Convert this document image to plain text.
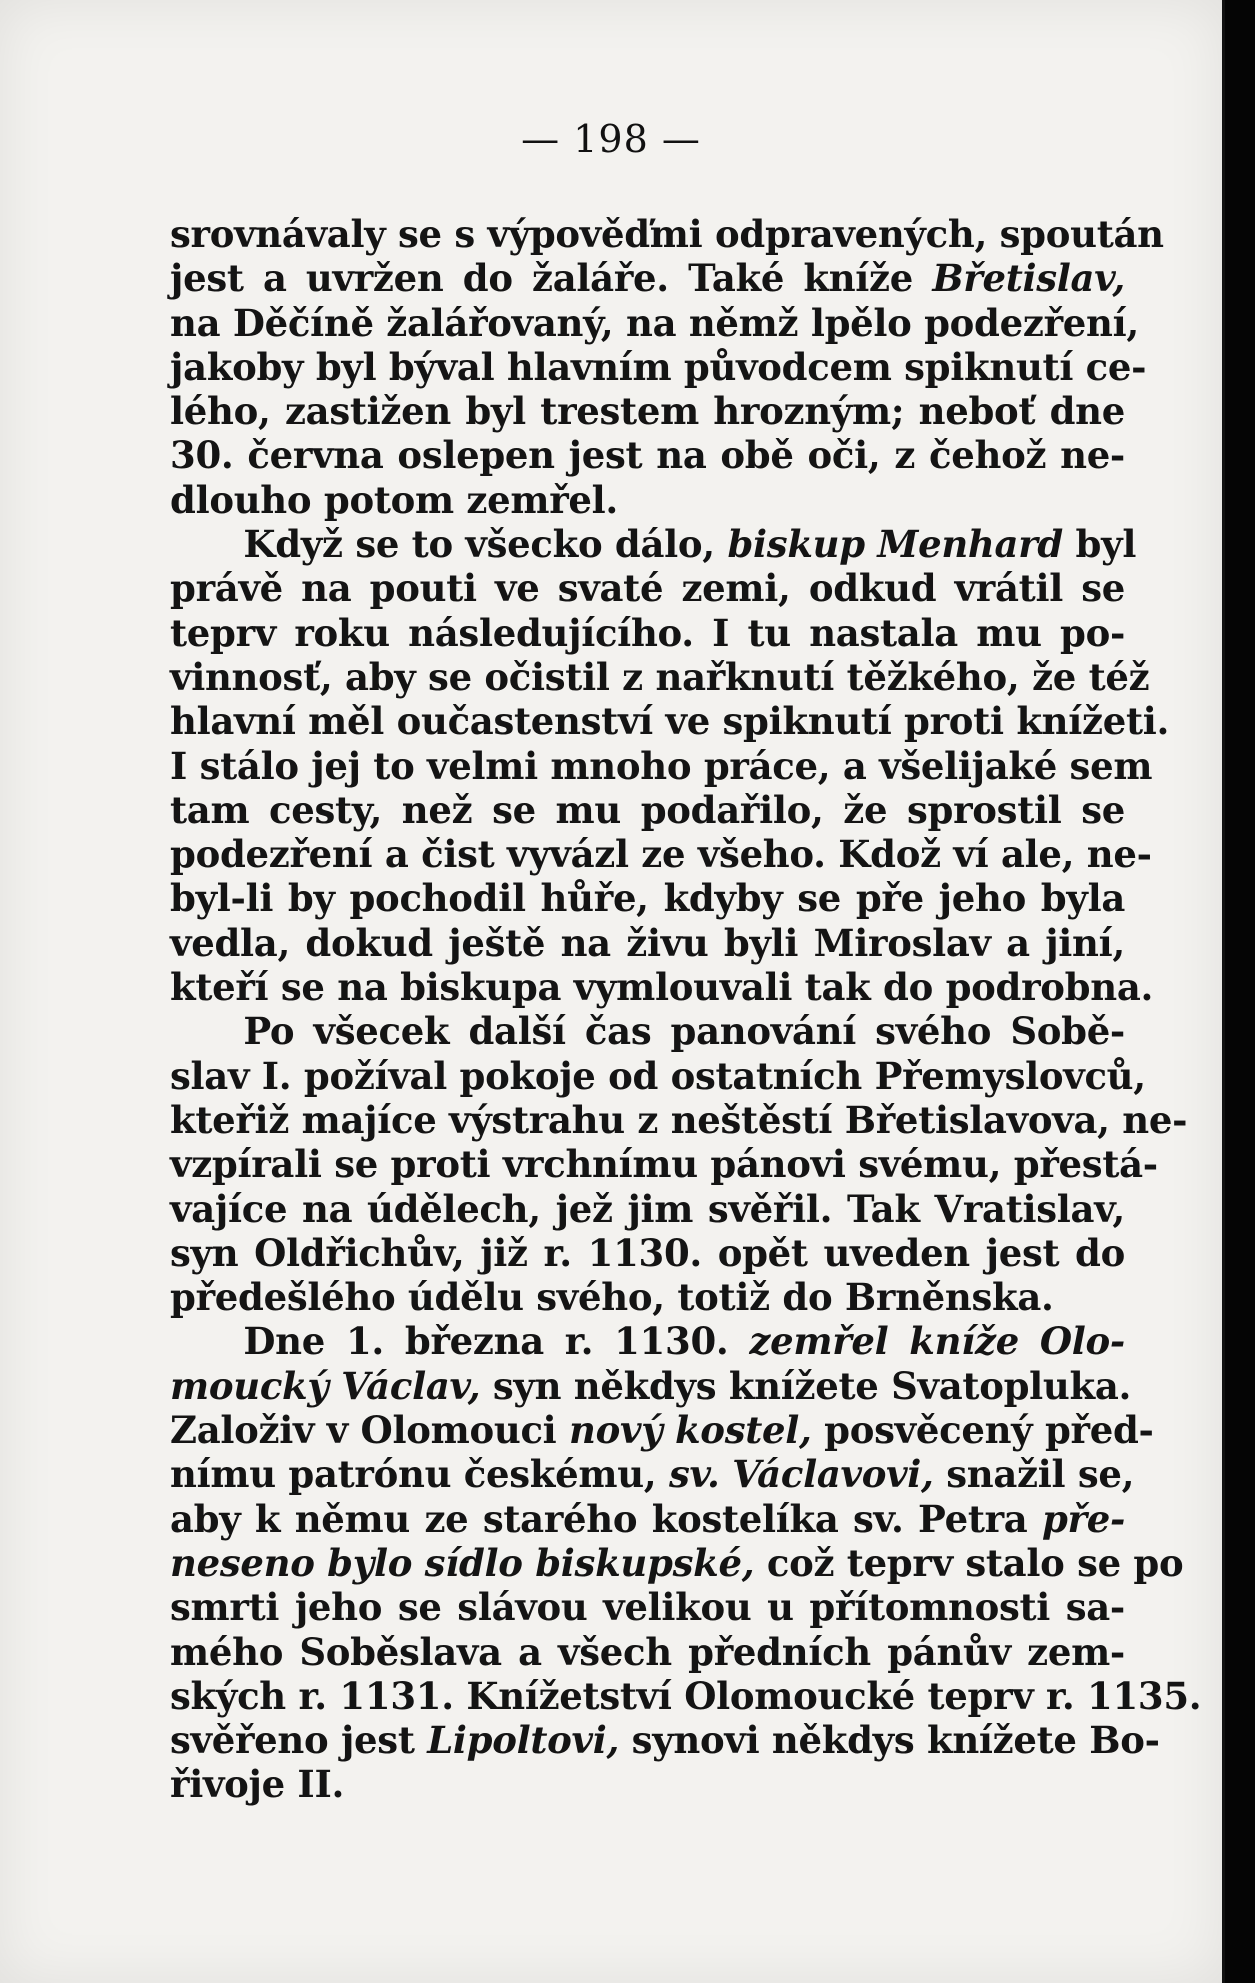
— 198 —
srovnávaly se s výpověďmi odpravených, spoután
jest a uvržen do žaláře. Také kníže Břetislav,
na Děčíně žalářovaný, na němž lpělo podezření,
jakoby byl býval hlavním původcem spiknutí ce-
lého, zastižen byl trestem hrozným; neboť dne
30. června oslepen jest na obě oči, z čehož ne-
dlouho potom zemřel.
  Když se to všecko dálo, biskup Menhard byl
právě na pouti ve svaté zemi, odkud vrátil se
teprv roku následujícího. I tu nastala mu po-
vinnosť, aby se očistil z nařknutí těžkého, že též
hlavní měl oučastenství ve spiknutí proti knížeti.
I stálo jej to velmi mnoho práce, a všelijaké sem
tam cesty, než se mu podařilo, že sprostil se
podezření a čist vyvázl ze všeho. Kdož ví ale, ne-
byl-li by pochodil hůře, kdyby se pře jeho byla
vedla, dokud ještě na živu byli Miroslav a jiní,
kteří se na biskupa vymlouvali tak do podrobna.
  Po všecek další čas panování svého Sobě-
slav I. požíval pokoje od ostatních Přemyslovců,
kteřiž majíce výstrahu z neštěstí Břetislavova, ne-
vzpírali se proti vrchnímu pánovi svému, přestá-
vajíce na údělech, jež jim svěřil. Tak Vratislav,
syn Oldřichův, již r. 1130. opět uveden jest do
předešlého údělu svého, totiž do Brněnska.
  Dne 1. března r. 1130. zemřel kníže Olo-
moucký Václav, syn někdys knížete Svatopluka.
Založiv v Olomouci nový kostel, posvěcený před-
nímu patrónu českému, sv. Václavovi, snažil se,
aby k němu ze starého kostelíka sv. Petra pře-
neseno bylo sídlo biskupské, což teprv stalo se po
smrti jeho se slávou velikou u přítomnosti sa-
mého Soběslava a všech předních pánův zem-
ských r. 1131. Knížetství Olomoucké teprv r. 1135.
svěřeno jest Lipoltovi, synovi někdys knížete Bo-
řivoje II.
